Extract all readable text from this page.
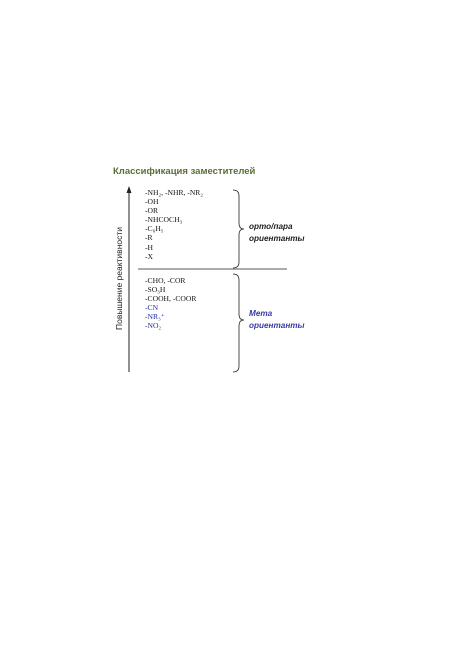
Классификация заместителей
Повышение реактивности
-NH₂, -NHR, -NR₂
-OH
-OR
-NHCOCH₃
-C₆H₅
-R
-H
-X
-CHO, -COR
-SO₃H
-COOH, -COOR
-CN
-NR₃⁺
-NO₂
орто/пара
ориентанты
Мета
ориентанты
